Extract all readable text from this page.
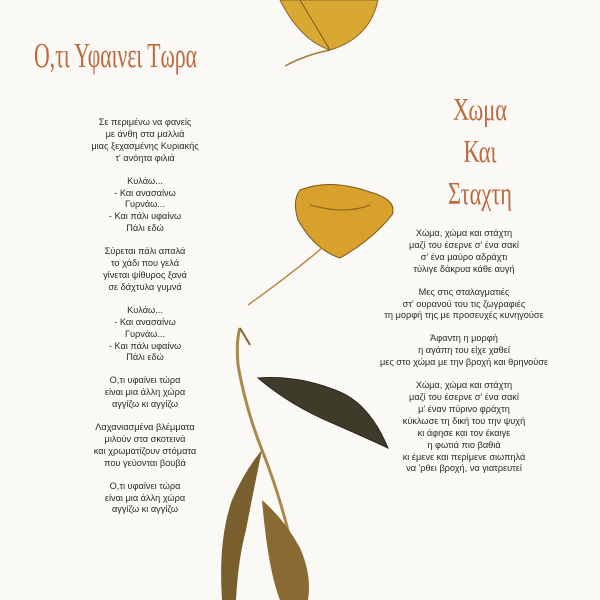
Ο,τι Υφαινει Τωρα
Χωμα
Και
Σταχτη
Σε περιμένω να φανείς
με άνθη στα μαλλιά
μιας ξεχασμένης Κυριακής
τ' ανόητα φιλιά
Κυλάω...
- Και ανασαίνω
Γυρνάω...
- Και πάλι υφαίνω
Πάλι εδώ
Σύρεται πάλι απαλά
το χάδι που γελά
γίνεται ψίθυρος ξανά
σε δάχτυλα γυμνά
Κυλάω...
- Και ανασαίνω
Γυρνάω...
- Και πάλι υφαίνω
Πάλι εδώ
Ο,τι υφαίνει τώρα
είναι μια άλλη χώρα
αγγίζω κι αγγίζω
Λαχανιασμένα βλέμματα
μιλούν στα σκοτεινά
και χρωματίζουν στόματα
που γεύονται βουβά
Ο,τι υφαίνει τώρα
είναι μια άλλη χώρα
αγγίζω κι αγγίζω
Χώμα, χώμα και στάχτη
μαζί του έσερνε σ' ένα σακί
σ' ένα μαύρο αδράχτι
τύλιγε δάκρυα κάθε αυγή
Μες στις σταλαγματιές
στ' ουρανού του τις ζωγραφιές
τη μορφή της με προσευχές κυνηγούσε
Άφαντη η μορφή
η αγάπη του είχε χαθεί
μες στο χώμα με την βροχή και θρηνούσε
Χώμα, χώμα και στάχτη
μαζί του έσερνε σ' ένα σακί
μ' έναν πύρινο φράχτη
κύκλωσε τη δική του την ψυχή
κι άφησε και τον έκαιγε
η φωτιά πιο βαθιά
κι έμενε και περίμενε σιωπηλά
να 'ρθει βροχή, να γιατρευτεί
